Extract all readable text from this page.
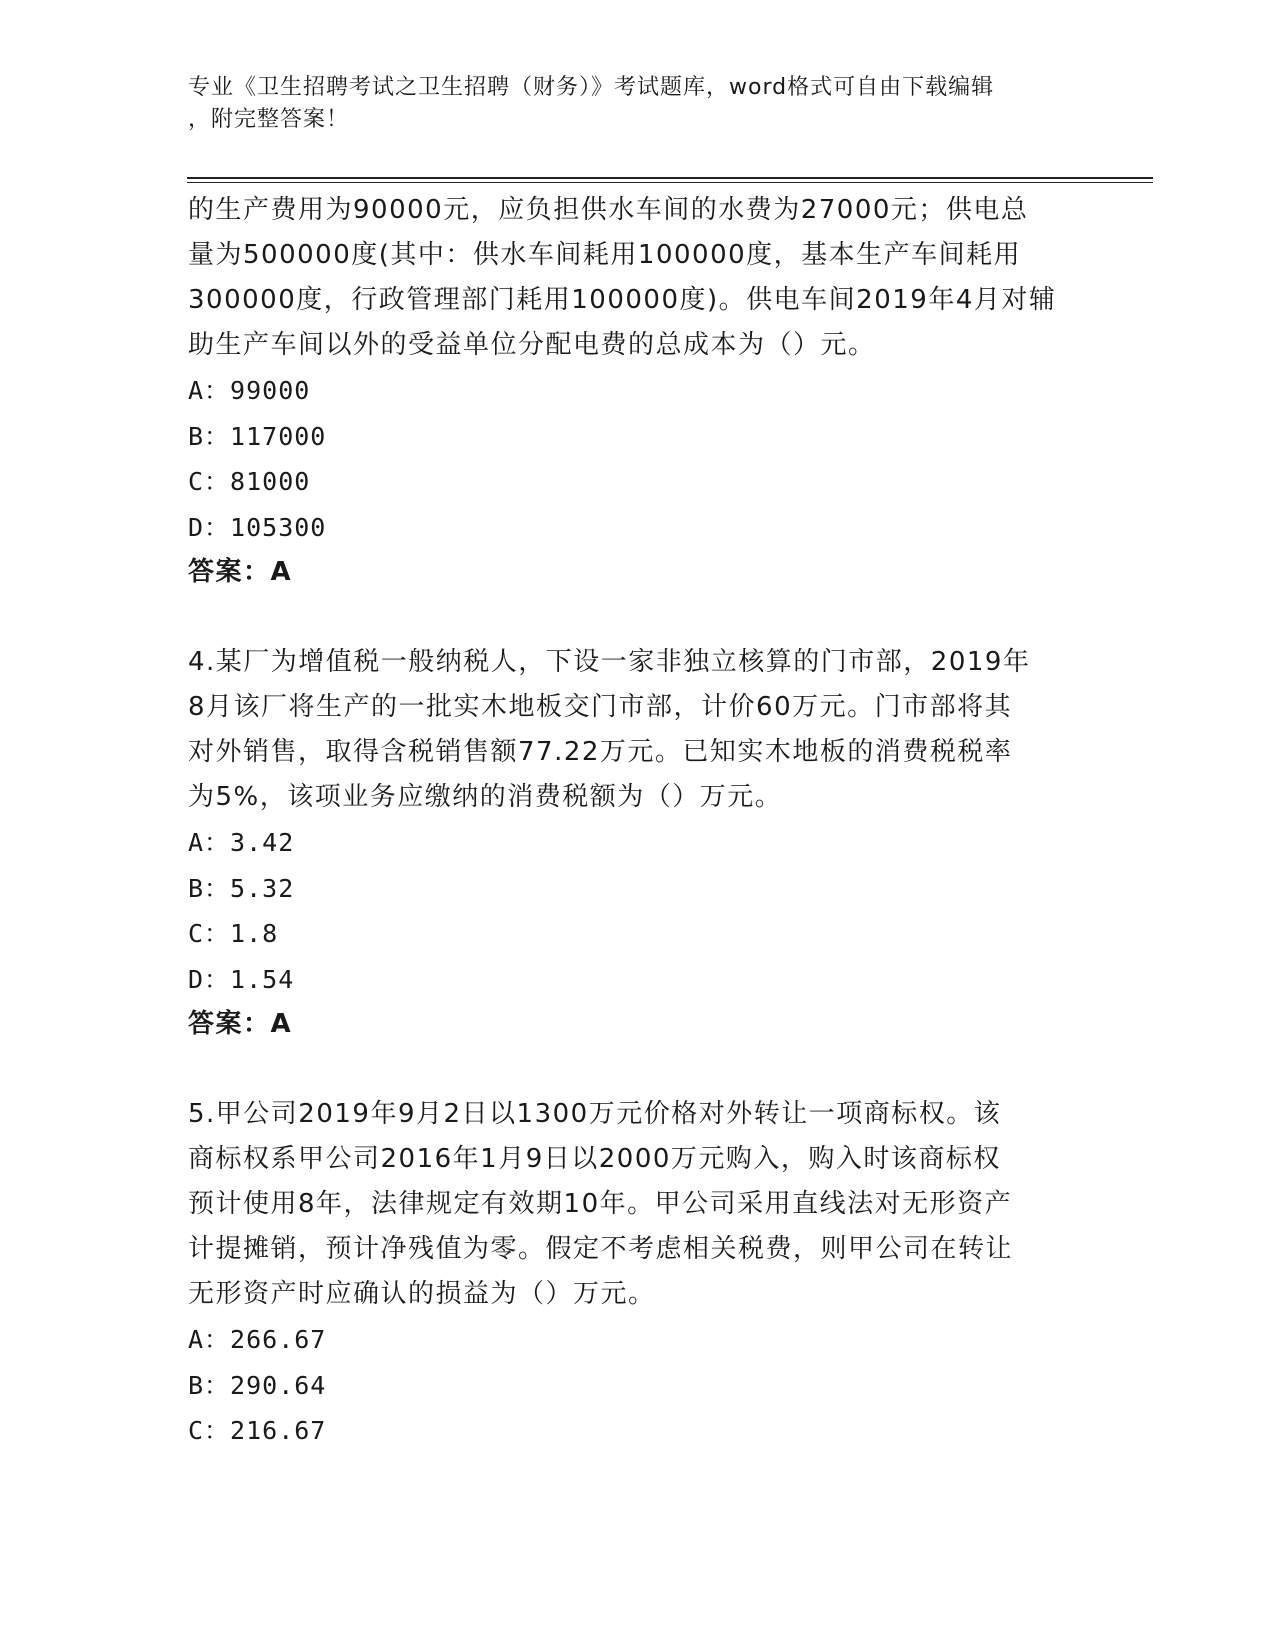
专业《卫生招聘考试之卫生招聘（财务）》考试题库，word格式可自由下载编辑
，附完整答案！

的生产费用为90000元，应负担供水车间的水费为27000元；供电总
量为500000度(其中：供水车间耗用100000度，基本生产车间耗用
300000度，行政管理部门耗用100000度)。供电车间2019年4月对辅
助生产车间以外的受益单位分配电费的总成本为（）元。

A：99000

B：117000

C：81000

D：105300

答案：A

4.某厂为增值税一般纳税人，下设一家非独立核算的门市部，2019年
8月该厂将生产的一批实木地板交门市部，计价60万元。门市部将其
对外销售，取得含税销售额77.22万元。已知实木地板的消费税税率
为5%，该项业务应缴纳的消费税额为（）万元。

A：3.42

B：5.32

C：1.8

D：1.54

答案：A

5.甲公司2019年9月2日以1300万元价格对外转让一项商标权。该
商标权系甲公司2016年1月9日以2000万元购入，购入时该商标权
预计使用8年，法律规定有效期10年。甲公司采用直线法对无形资产
计提摊销，预计净残值为零。假定不考虑相关税费，则甲公司在转让
无形资产时应确认的损益为（）万元。

A：266.67

B：290.64

C：216.67
